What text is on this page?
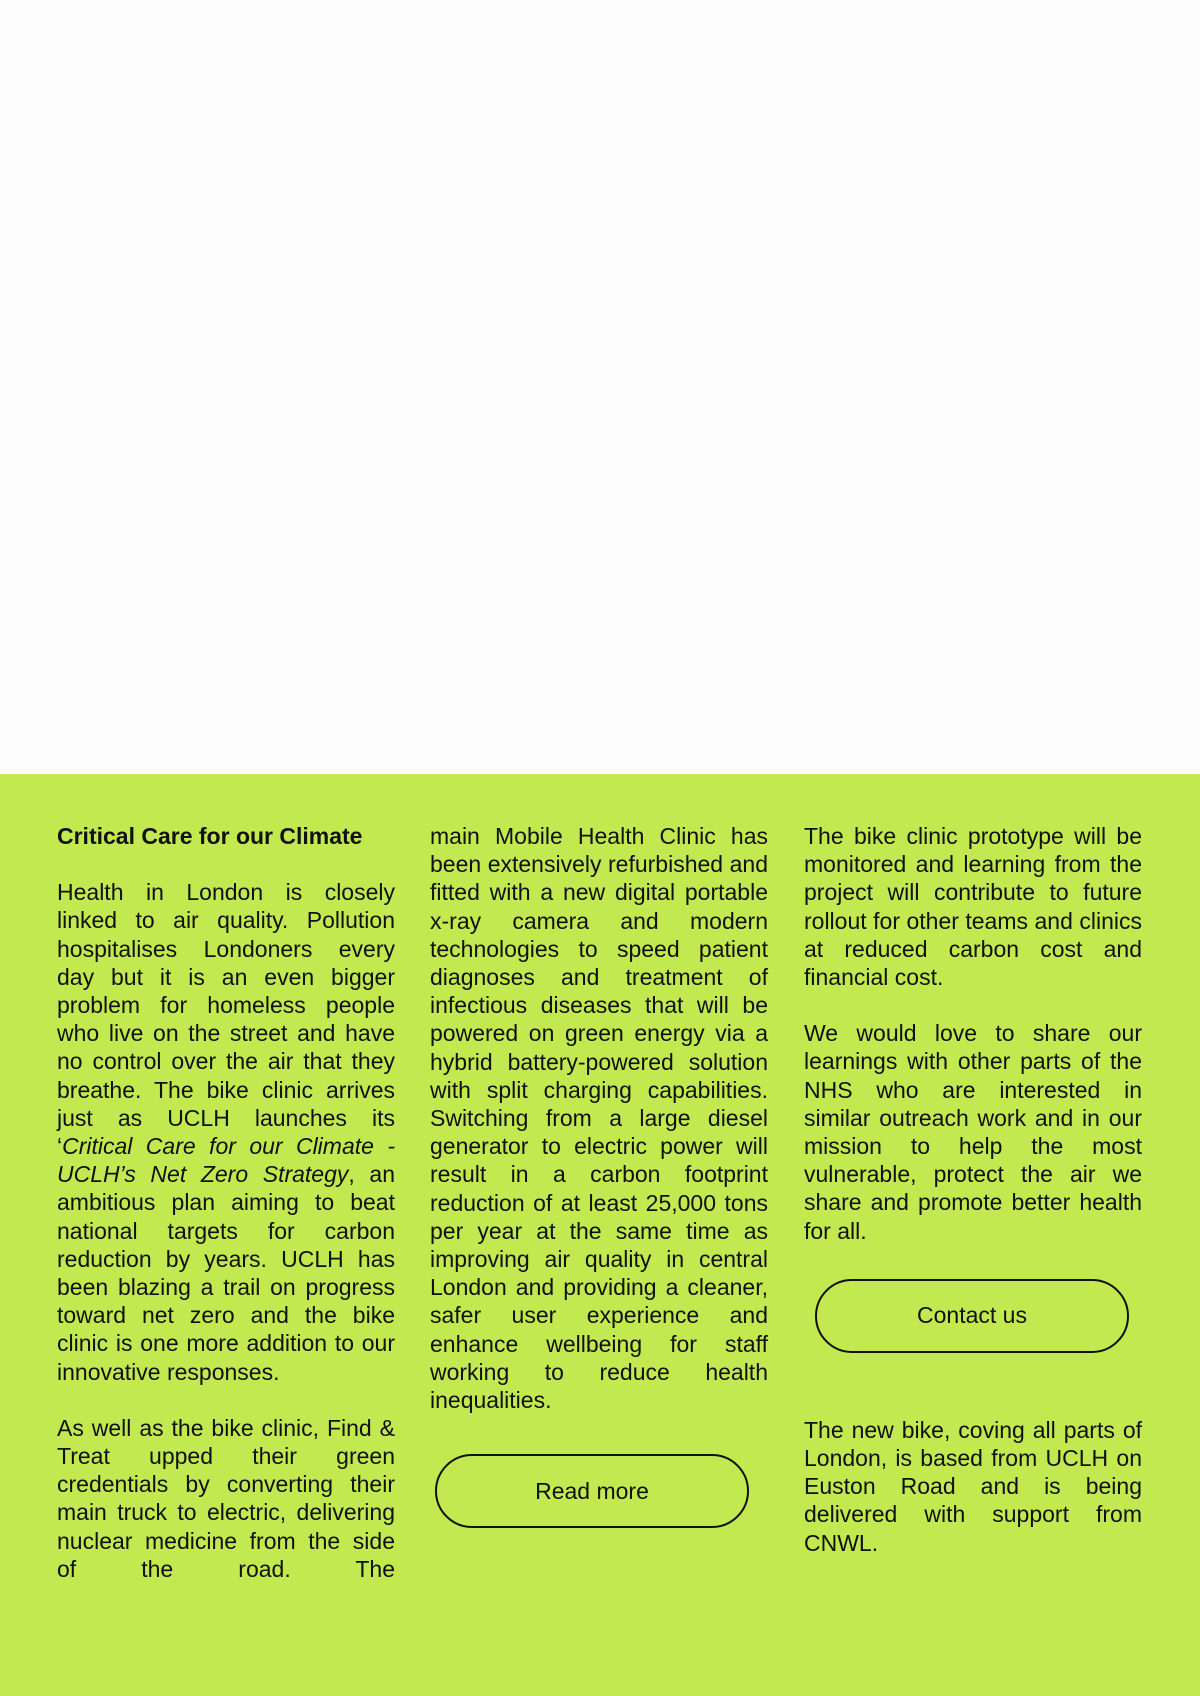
Critical Care for our Climate

Health in London is closely linked to air quality. Pollution hospitalises Londoners every day but it is an even bigger problem for homeless people who live on the street and have no control over the air that they breathe. The bike clinic arrives just as UCLH launches its ‘Critical Care for our Climate - UCLH’s Net Zero Strategy, an ambitious plan aiming to beat national targets for carbon reduction by years. UCLH has been blazing a trail on progress toward net zero and the bike clinic is one more addition to our innovative responses.

As well as the bike clinic, Find & Treat upped their green credentials by converting their main truck to electric, delivering nuclear medicine from the side of the road. The

main Mobile Health Clinic has been extensively refurbished and fitted with a new digital portable x-ray camera and modern technologies to speed patient diagnoses and treatment of infectious diseases that will be powered on green energy via a hybrid battery-powered solution with split charging capabilities. Switching from a large diesel generator to electric power will result in a carbon footprint reduction of at least 25,000 tons per year at the same time as improving air quality in central London and providing a cleaner, safer user experience and enhance wellbeing for staff working to reduce health inequalities.

Read more

The bike clinic prototype will be monitored and learning from the project will contribute to future rollout for other teams and clinics at reduced carbon cost and financial cost.

We would love to share our learnings with other parts of the NHS who are interested in similar outreach work and in our mission to help the most vulnerable, protect the air we share and promote better health for all.

Contact us

The new bike, coving all parts of London, is based from UCLH on Euston Road and is being delivered with support from CNWL.
